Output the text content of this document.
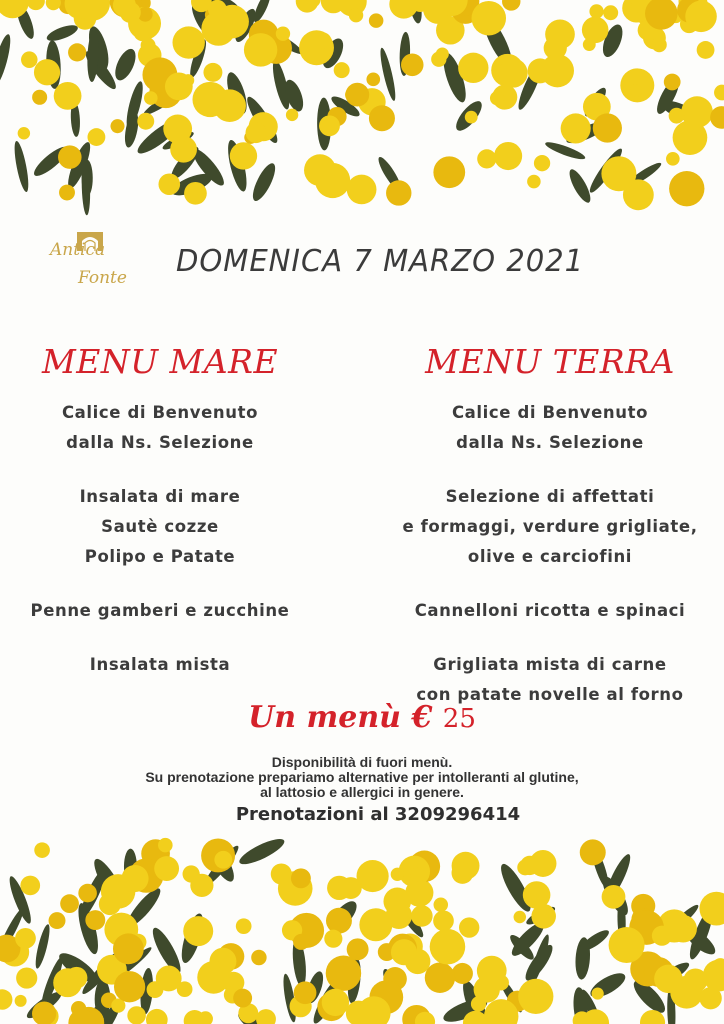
Antica
Fonte DOMENICA 7 MARZO 2021
MENU MARE
Calice di Benvenuto
dalla Ns. Selezione
Insalata di mare
Sautè cozze
Polipo e Patate
Penne gamberi e zucchine
Insalata mista
MENU TERRA
Calice di Benvenuto
dalla Ns. Selezione
Selezione di affettati
e formaggi, verdure grigliate,
olive e carciofini
Cannelloni ricotta e spinaci
Grigliata mista di carne
con patate novelle al forno
Un menù € 25
Disponibilità di fuori menù.
Su prenotazione prepariamo alternative per intolleranti al glutine,
al lattosio e allergici in genere.
Prenotazioni al 3209296414
